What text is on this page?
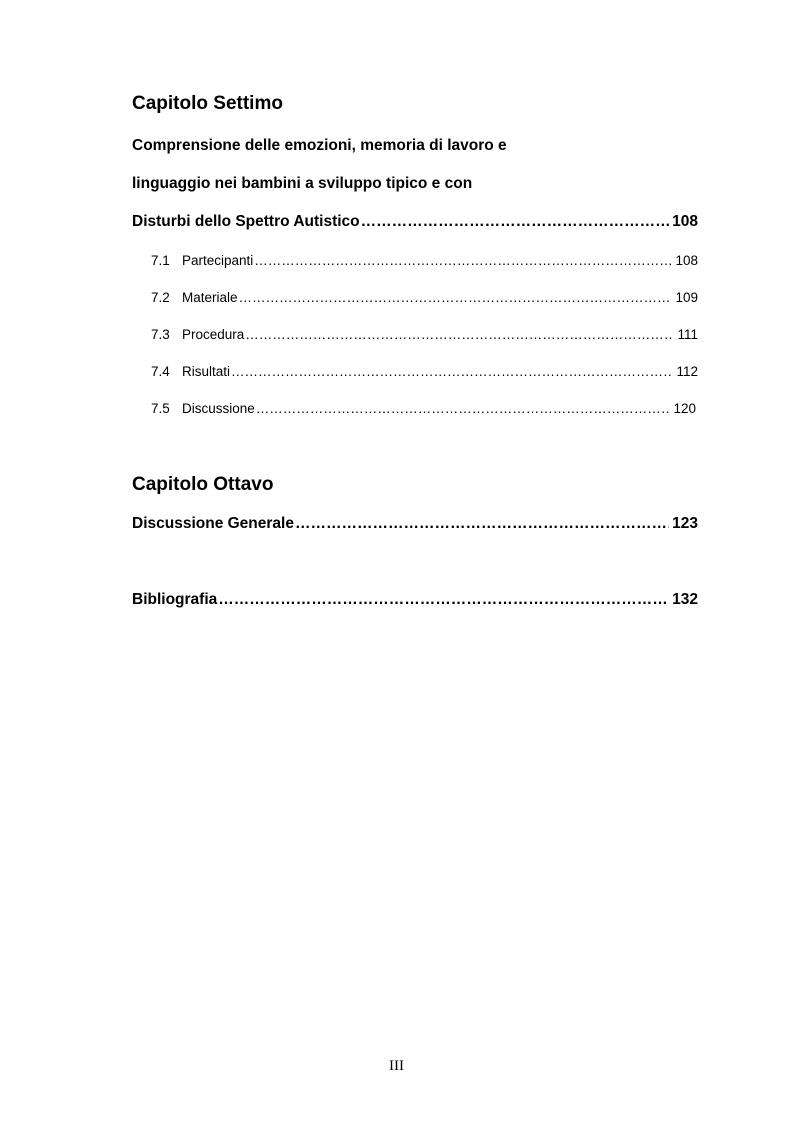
Capitolo Settimo
Comprensione delle emozioni, memoria di lavoro e
linguaggio nei bambini a sviluppo tipico e con
Disturbi dello Spettro Autistico ………………………………………………………………………………………………………………………………………………………………………………………………	108
7.1 Partecipanti ………………………………………………………………………………………………………………………………………………………………………………………………	108
7.2 Materiale ………………………………………………………………………………………………………………………………………………………………………………………………	109
7.3 Procedura ………………………………………………………………………………………………………………………………………………………………………………………………	111
7.4 Risultati ………………………………………………………………………………………………………………………………………………………………………………………………	112
7.5 Discussione ………………………………………………………………………………………………………………………………………………………………………………………………	120
Capitolo Ottavo
Discussione Generale ………………………………………………………………………………………………………………………………………………………………………………………………	123
Bibliografia ………………………………………………………………………………………………………………………………………………………………………………………………	132
III
